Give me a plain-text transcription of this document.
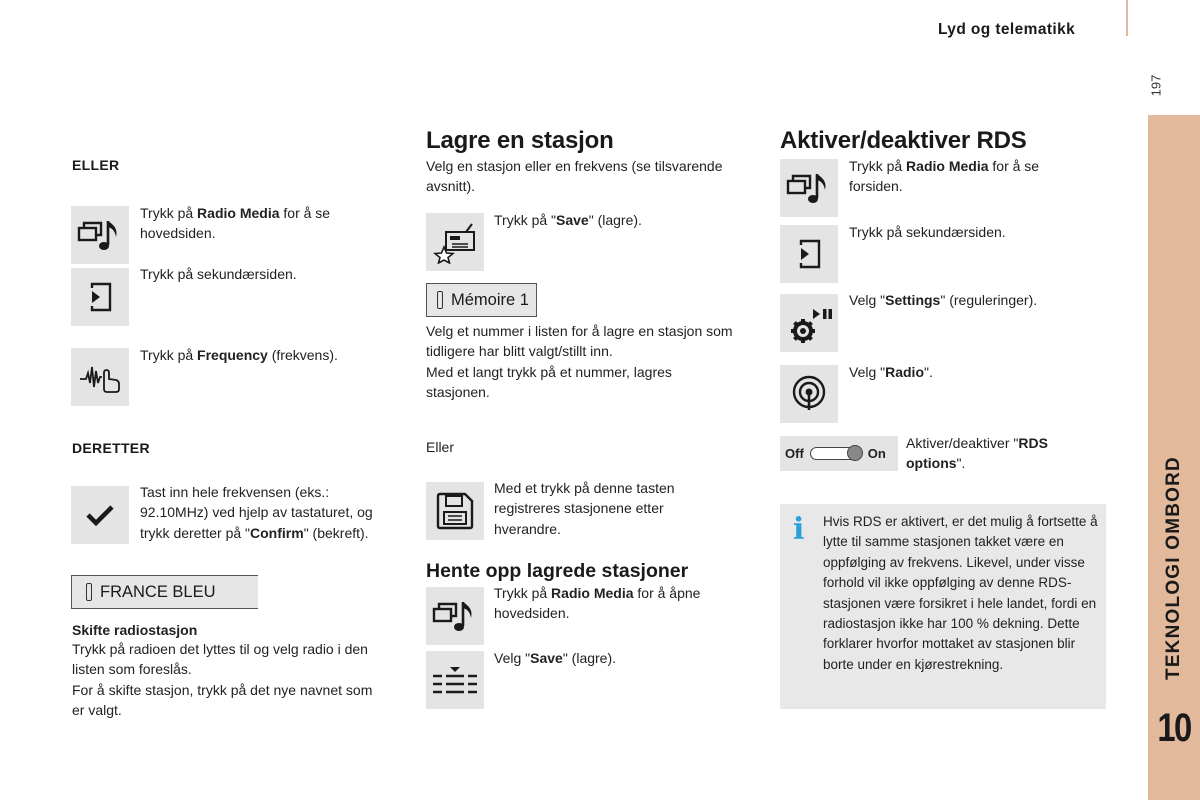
Lyd og telematikk
197
TEKNOLOGI OMBORD
10
ELLER
Trykk på Radio Media for å se hovedsiden.
Trykk på sekundærsiden.
Trykk på Frequency (frekvens).
DERETTER
Tast inn hele frekvensen (eks.: 92.10MHz) ved hjelp av tastaturet, og trykk deretter på "Confirm" (bekreft).
FRANCE BLEU
Skifte radiostasjon
Trykk på radioen det lyttes til og velg radio i den listen som foreslås.
For å skifte stasjon, trykk på det nye navnet som er valgt.
Lagre en stasjon
Velg en stasjon eller en frekvens (se tilsvarende avsnitt).
Trykk på "Save" (lagre).
Mémoire 1
Velg et nummer i listen for å lagre en stasjon som tidligere har blitt valgt/stillt inn.
Med et langt trykk på et nummer, lagres stasjonen.
Eller
Med et trykk på denne tasten registreres stasjonene etter hverandre.
Hente opp lagrede stasjoner
Trykk på Radio Media for å åpne hovedsiden.
Velg "Save" (lagre).
Aktiver/deaktiver RDS
Trykk på Radio Media for å se forsiden.
Trykk på sekundærsiden.
Velg "Settings" (reguleringer).
Velg "Radio".
Off	On
Aktiver/deaktiver "RDS options".
i Hvis RDS er aktivert, er det mulig å fortsette å lytte til samme stasjonen takket være en oppfølging av frekvens. Likevel, under visse forhold vil ikke oppfølging av denne RDS-stasjonen være forsikret i hele landet, fordi en radiostasjon ikke har 100 % dekning. Dette forklarer hvorfor mottaket av stasjonen blir borte under en kjørestrekning.
